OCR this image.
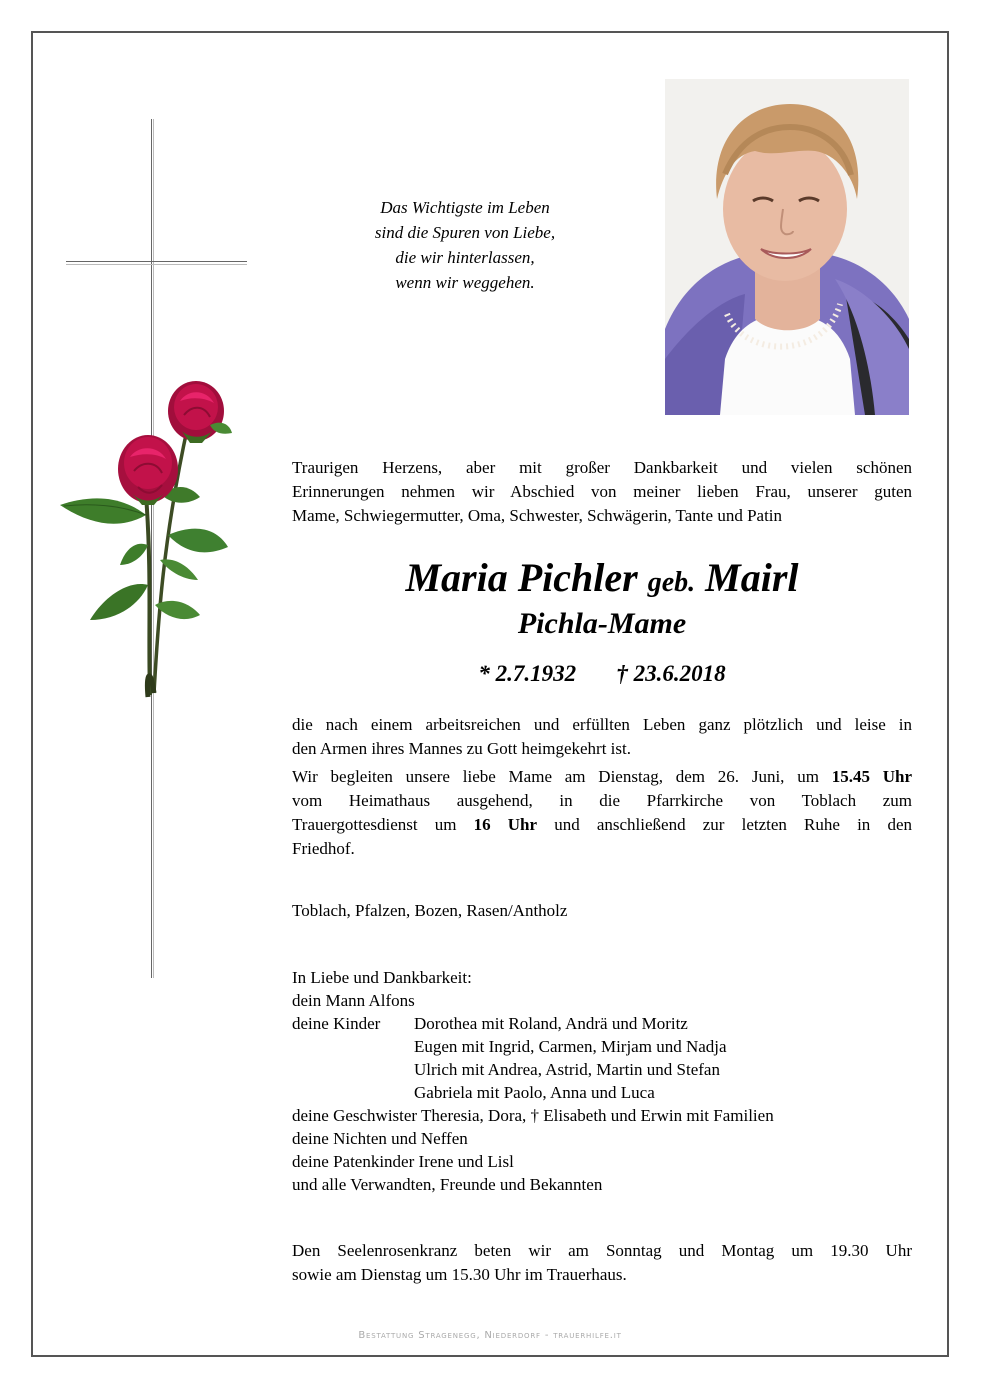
Das Wichtigste im Leben
sind die Spuren von Liebe,
die wir hinterlassen,
wenn wir weggehen.
Traurigen Herzens, aber mit großer Dankbarkeit und vielen schönen
Erinnerungen nehmen wir Abschied von meiner lieben Frau, unserer guten
Mame, Schwiegermutter, Oma, Schwester, Schwägerin, Tante und Patin
Maria Pichler geb. Mairl
Pichla-Mame
* 2.7.1932 † 23.6.2018
die nach einem arbeitsreichen und erfüllten Leben ganz plötzlich und leise in
den Armen ihres Mannes zu Gott heimgekehrt ist.
Wir begleiten unsere liebe Mame am Dienstag, dem 26. Juni, um 15.45 Uhr
vom Heimathaus ausgehend, in die Pfarrkirche von Toblach zum
Trauergottesdienst um 16 Uhr und anschließend zur letzten Ruhe in den
Friedhof.
Toblach, Pfalzen, Bozen, Rasen/Antholz
In Liebe und Dankbarkeit:
dein Mann Alfons
deine Kinder Dorothea mit Roland, Andrä und Moritz
Eugen mit Ingrid, Carmen, Mirjam und Nadja
Ulrich mit Andrea, Astrid, Martin und Stefan
Gabriela mit Paolo, Anna und Luca
deine Geschwister Theresia, Dora, † Elisabeth und Erwin mit Familien
deine Nichten und Neffen
deine Patenkinder Irene und Lisl
und alle Verwandten, Freunde und Bekannten
Den Seelenrosenkranz beten wir am Sonntag und Montag um 19.30 Uhr
sowie am Dienstag um 15.30 Uhr im Trauerhaus.
Bestattung Stragenegg, Niederdorf - trauerhilfe.it
